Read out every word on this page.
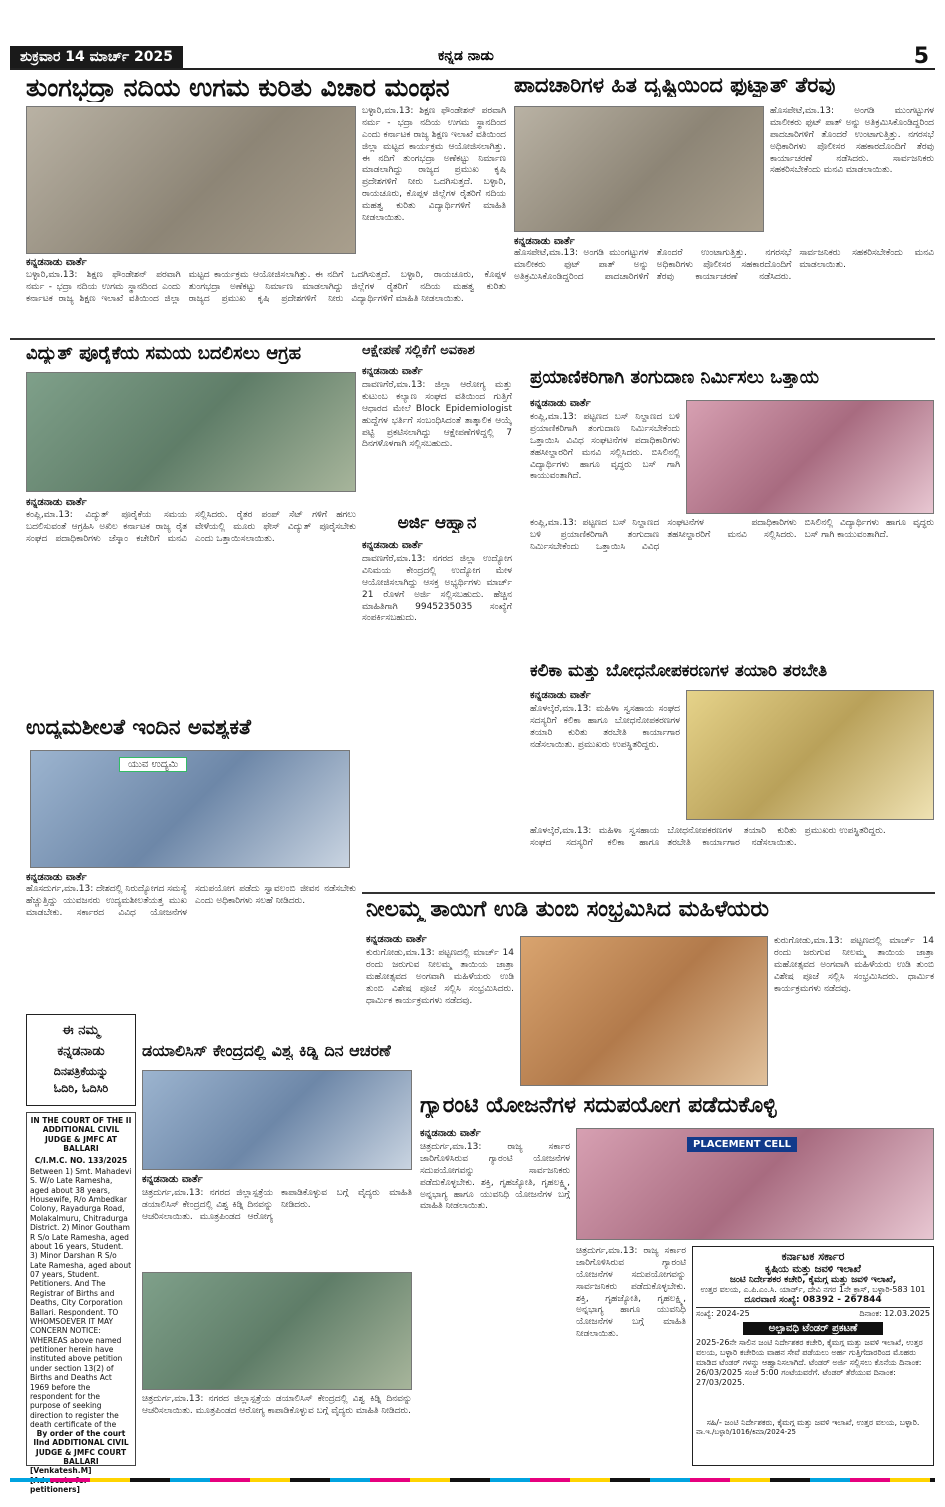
ಶುಕ್ರವಾರ 14 ಮಾರ್ಚ್ 2025	ಕನ್ನಡ ನಾಡು	5
ತುಂಗಭದ್ರಾ ನದಿಯ ಉಗಮ ಕುರಿತು ವಿಚಾರ ಮಂಥನ
ಕನ್ನಡನಾಡು ವಾರ್ತೆ
ಬಳ್ಳಾರಿ,ಮಾ.13: ಶಿಕ್ಷಣ ಫೌಂಡೇಶನ್ ಪರವಾಗಿ ನರ್ಮ - ಭದ್ರಾ ನದಿಯ ಉಗಮ ಸ್ಥಾನದಿಂದ ಎಂದು ಕರ್ನಾಟಕ ರಾಜ್ಯ ಶಿಕ್ಷಣ ಇಲಾಖೆ ವತಿಯಿಂದ ಜಿಲ್ಲಾ ಮಟ್ಟದ ಕಾರ್ಯಕ್ರಮ ಆಯೋಜಿಸಲಾಗಿತ್ತು. ಈ ನದಿಗೆ ತುಂಗಭದ್ರಾ ಅಣೆಕಟ್ಟು ನಿರ್ಮಾಣ ಮಾಡಲಾಗಿದ್ದು ರಾಜ್ಯದ ಪ್ರಮುಖ ಕೃಷಿ ಪ್ರದೇಶಗಳಿಗೆ ನೀರು ಒದಗಿಸುತ್ತದೆ. ಬಳ್ಳಾರಿ, ರಾಯಚೂರು, ಕೊಪ್ಪಳ ಜಿಲ್ಲೆಗಳ ರೈತರಿಗೆ ನದಿಯ ಮಹತ್ವ ಕುರಿತು ವಿದ್ಯಾರ್ಥಿಗಳಿಗೆ ಮಾಹಿತಿ ನೀಡಲಾಯಿತು.
ಬಳ್ಳಾರಿ,ಮಾ.13: ಶಿಕ್ಷಣ ಫೌಂಡೇಶನ್ ಪರವಾಗಿ ನರ್ಮ - ಭದ್ರಾ ನದಿಯ ಉಗಮ ಸ್ಥಾನದಿಂದ ಎಂದು ಕರ್ನಾಟಕ ರಾಜ್ಯ ಶಿಕ್ಷಣ ಇಲಾಖೆ ವತಿಯಿಂದ ಜಿಲ್ಲಾ ಮಟ್ಟದ ಕಾರ್ಯಕ್ರಮ ಆಯೋಜಿಸಲಾಗಿತ್ತು. ಈ ನದಿಗೆ ತುಂಗಭದ್ರಾ ಅಣೆಕಟ್ಟು ನಿರ್ಮಾಣ ಮಾಡಲಾಗಿದ್ದು ರಾಜ್ಯದ ಪ್ರಮುಖ ಕೃಷಿ ಪ್ರದೇಶಗಳಿಗೆ ನೀರು ಒದಗಿಸುತ್ತದೆ. ಬಳ್ಳಾರಿ, ರಾಯಚೂರು, ಕೊಪ್ಪಳ ಜಿಲ್ಲೆಗಳ ರೈತರಿಗೆ ನದಿಯ ಮಹತ್ವ ಕುರಿತು ವಿದ್ಯಾರ್ಥಿಗಳಿಗೆ ಮಾಹಿತಿ ನೀಡಲಾಯಿತು.
ಪಾದಚಾರಿಗಳ ಹಿತ ದೃಷ್ಟಿಯಿಂದ ಫುಟ್ಪಾತ್ ತೆರವು
ಹೊಸಪೇಟೆ,ಮಾ.13: ಅಂಗಡಿ ಮುಂಗಟ್ಟುಗಳ ಮಾಲೀಕರು ಫುಟ್ ಪಾತ್ ಅನ್ನು ಅತಿಕ್ರಮಿಸಿಕೊಂಡಿದ್ದರಿಂದ ಪಾದಚಾರಿಗಳಿಗೆ ತೊಂದರೆ ಉಂಟಾಗುತ್ತಿತ್ತು. ನಗರಸಭೆ ಅಧಿಕಾರಿಗಳು ಪೊಲೀಸರ ಸಹಕಾರದೊಂದಿಗೆ ತೆರವು ಕಾರ್ಯಾಚರಣೆ ನಡೆಸಿದರು. ಸಾರ್ವಜನಿಕರು ಸಹಕರಿಸಬೇಕೆಂದು ಮನವಿ ಮಾಡಲಾಯಿತು.
ಕನ್ನಡನಾಡು ವಾರ್ತೆ
ಹೊಸಪೇಟೆ,ಮಾ.13: ಅಂಗಡಿ ಮುಂಗಟ್ಟುಗಳ ಮಾಲೀಕರು ಫುಟ್ ಪಾತ್ ಅನ್ನು ಅತಿಕ್ರಮಿಸಿಕೊಂಡಿದ್ದರಿಂದ ಪಾದಚಾರಿಗಳಿಗೆ ತೊಂದರೆ ಉಂಟಾಗುತ್ತಿತ್ತು. ನಗರಸಭೆ ಅಧಿಕಾರಿಗಳು ಪೊಲೀಸರ ಸಹಕಾರದೊಂದಿಗೆ ತೆರವು ಕಾರ್ಯಾಚರಣೆ ನಡೆಸಿದರು. ಸಾರ್ವಜನಿಕರು ಸಹಕರಿಸಬೇಕೆಂದು ಮನವಿ ಮಾಡಲಾಯಿತು.
ವಿದ್ಯುತ್ ಪೂರೈಕೆಯ ಸಮಯ ಬದಲಿಸಲು ಆಗ್ರಹ
ಕನ್ನಡನಾಡು ವಾರ್ತೆ
ಕಂಪ್ಲಿ,ಮಾ.13: ವಿದ್ಯುತ್ ಪೂರೈಕೆಯ ಸಮಯ ಬದಲಿಸುವಂತೆ ಆಗ್ರಹಿಸಿ ಅಖಿಲ ಕರ್ನಾಟಕ ರಾಜ್ಯ ರೈತ ಸಂಘದ ಪದಾಧಿಕಾರಿಗಳು ಜೆಸ್ಕಾಂ ಕಚೇರಿಗೆ ಮನವಿ ಸಲ್ಲಿಸಿದರು. ರೈತರ ಪಂಪ್ ಸೆಟ್ ಗಳಿಗೆ ಹಗಲು ವೇಳೆಯಲ್ಲಿ ಮೂರು ಫೇಸ್ ವಿದ್ಯುತ್ ಪೂರೈಸಬೇಕು ಎಂದು ಒತ್ತಾಯಿಸಲಾಯಿತು.
ಆಕ್ಷೇಪಣೆ ಸಲ್ಲಿಕೆಗೆ ಅವಕಾಶ
ಕನ್ನಡನಾಡು ವಾರ್ತೆ
ದಾವಣಗೆರೆ,ಮಾ.13: ಜಿಲ್ಲಾ ಆರೋಗ್ಯ ಮತ್ತು ಕುಟುಂಬ ಕಲ್ಯಾಣ ಸಂಘದ ವತಿಯಿಂದ ಗುತ್ತಿಗೆ ಆಧಾರದ ಮೇಲೆ Block Epidemiologist ಹುದ್ದೆಗಳ ಭರ್ತಿಗೆ ಸಂಬಂಧಿಸಿದಂತೆ ತಾತ್ಕಾಲಿಕ ಆಯ್ಕೆ ಪಟ್ಟಿ ಪ್ರಕಟಿಸಲಾಗಿದ್ದು ಆಕ್ಷೇಪಣೆಗಳಿದ್ದಲ್ಲಿ 7 ದಿನಗಳೊಳಗಾಗಿ ಸಲ್ಲಿಸಬಹುದು.
ಅರ್ಜಿ ಆಹ್ವಾನ
ಕನ್ನಡನಾಡು ವಾರ್ತೆ
ದಾವಣಗೆರೆ,ಮಾ.13: ನಗರದ ಜಿಲ್ಲಾ ಉದ್ಯೋಗ ವಿನಿಮಯ ಕೇಂದ್ರದಲ್ಲಿ ಉದ್ಯೋಗ ಮೇಳ ಆಯೋಜಿಸಲಾಗಿದ್ದು ಆಸಕ್ತ ಅಭ್ಯರ್ಥಿಗಳು ಮಾರ್ಚ್ 21 ರೊಳಗೆ ಅರ್ಜಿ ಸಲ್ಲಿಸಬಹುದು. ಹೆಚ್ಚಿನ ಮಾಹಿತಿಗಾಗಿ 9945235035 ಸಂಖ್ಯೆಗೆ ಸಂಪರ್ಕಿಸಬಹುದು.
ಪ್ರಯಾಣಿಕರಿಗಾಗಿ ತಂಗುದಾಣ ನಿರ್ಮಿಸಲು ಒತ್ತಾಯ
ಕನ್ನಡನಾಡು ವಾರ್ತೆ
ಕಂಪ್ಲಿ,ಮಾ.13: ಪಟ್ಟಣದ ಬಸ್ ನಿಲ್ದಾಣದ ಬಳಿ ಪ್ರಯಾಣಿಕರಿಗಾಗಿ ತಂಗುದಾಣ ನಿರ್ಮಿಸಬೇಕೆಂದು ಒತ್ತಾಯಿಸಿ ವಿವಿಧ ಸಂಘಟನೆಗಳ ಪದಾಧಿಕಾರಿಗಳು ತಹಸೀಲ್ದಾರರಿಗೆ ಮನವಿ ಸಲ್ಲಿಸಿದರು. ಬಿಸಿಲಿನಲ್ಲಿ ವಿದ್ಯಾರ್ಥಿಗಳು ಹಾಗೂ ವೃದ್ಧರು ಬಸ್ ಗಾಗಿ ಕಾಯುವಂತಾಗಿದೆ.
ಕಂಪ್ಲಿ,ಮಾ.13: ಪಟ್ಟಣದ ಬಸ್ ನಿಲ್ದಾಣದ ಬಳಿ ಪ್ರಯಾಣಿಕರಿಗಾಗಿ ತಂಗುದಾಣ ನಿರ್ಮಿಸಬೇಕೆಂದು ಒತ್ತಾಯಿಸಿ ವಿವಿಧ ಸಂಘಟನೆಗಳ ಪದಾಧಿಕಾರಿಗಳು ತಹಸೀಲ್ದಾರರಿಗೆ ಮನವಿ ಸಲ್ಲಿಸಿದರು. ಬಿಸಿಲಿನಲ್ಲಿ ವಿದ್ಯಾರ್ಥಿಗಳು ಹಾಗೂ ವೃದ್ಧರು ಬಸ್ ಗಾಗಿ ಕಾಯುವಂತಾಗಿದೆ.
ಕಲಿಕಾ ಮತ್ತು ಬೋಧನೋಪಕರಣಗಳ ತಯಾರಿ ತರಬೇತಿ
ಕನ್ನಡನಾಡು ವಾರ್ತೆ
ಹೊಳಲ್ಕೆರೆ,ಮಾ.13: ಮಹಿಳಾ ಸ್ವಸಹಾಯ ಸಂಘದ ಸದಸ್ಯರಿಗೆ ಕಲಿಕಾ ಹಾಗೂ ಬೋಧನೋಪಕರಣಗಳ ತಯಾರಿ ಕುರಿತು ತರಬೇತಿ ಕಾರ್ಯಾಗಾರ ನಡೆಸಲಾಯಿತು. ಪ್ರಮುಖರು ಉಪಸ್ಥಿತರಿದ್ದರು.
ಹೊಳಲ್ಕೆರೆ,ಮಾ.13: ಮಹಿಳಾ ಸ್ವಸಹಾಯ ಸಂಘದ ಸದಸ್ಯರಿಗೆ ಕಲಿಕಾ ಹಾಗೂ ಬೋಧನೋಪಕರಣಗಳ ತಯಾರಿ ಕುರಿತು ತರಬೇತಿ ಕಾರ್ಯಾಗಾರ ನಡೆಸಲಾಯಿತು. ಪ್ರಮುಖರು ಉಪಸ್ಥಿತರಿದ್ದರು.
ಉದ್ಯಮಶೀಲತೆ ಇಂದಿನ ಅವಶ್ಯಕತೆ
ಯುವ ಉದ್ಯಮಿ
ಕನ್ನಡನಾಡು ವಾರ್ತೆ
ಹೊಸದುರ್ಗ,ಮಾ.13: ದೇಶದಲ್ಲಿ ನಿರುದ್ಯೋಗದ ಸಮಸ್ಯೆ ಹೆಚ್ಚುತ್ತಿದ್ದು ಯುವಜನರು ಉದ್ಯಮಶೀಲತೆಯತ್ತ ಮುಖ ಮಾಡಬೇಕು. ಸರ್ಕಾರದ ವಿವಿಧ ಯೋಜನೆಗಳ ಸದುಪಯೋಗ ಪಡೆದು ಸ್ವಾವಲಂಬಿ ಜೀವನ ನಡೆಸಬೇಕು ಎಂದು ಅಧಿಕಾರಿಗಳು ಸಲಹೆ ನೀಡಿದರು.	ನೀಲಮ್ಮ ತಾಯಿಗೆ ಉಡಿ ತುಂಬಿ ಸಂಭ್ರಮಿಸಿದ ಮಹಿಳೆಯರು
ಕನ್ನಡನಾಡು ವಾರ್ತೆ
ಕುರುಗೋಡು,ಮಾ.13: ಪಟ್ಟಣದಲ್ಲಿ ಮಾರ್ಚ್ 14 ರಂದು ಜರುಗುವ ನೀಲಮ್ಮ ತಾಯಿಯ ಜಾತ್ರಾ ಮಹೋತ್ಸವದ ಅಂಗವಾಗಿ ಮಹಿಳೆಯರು ಉಡಿ ತುಂಬಿ ವಿಶೇಷ ಪೂಜೆ ಸಲ್ಲಿಸಿ ಸಂಭ್ರಮಿಸಿದರು. ಧಾರ್ಮಿಕ ಕಾರ್ಯಕ್ರಮಗಳು ನಡೆದವು.
ಕುರುಗೋಡು,ಮಾ.13: ಪಟ್ಟಣದಲ್ಲಿ ಮಾರ್ಚ್ 14 ರಂದು ಜರುಗುವ ನೀಲಮ್ಮ ತಾಯಿಯ ಜಾತ್ರಾ ಮಹೋತ್ಸವದ ಅಂಗವಾಗಿ ಮಹಿಳೆಯರು ಉಡಿ ತುಂಬಿ ವಿಶೇಷ ಪೂಜೆ ಸಲ್ಲಿಸಿ ಸಂಭ್ರಮಿಸಿದರು. ಧಾರ್ಮಿಕ ಕಾರ್ಯಕ್ರಮಗಳು ನಡೆದವು.
ಈ ನಮ್ಮ
ಕನ್ನಡನಾಡು
ದಿನಪತ್ರಿಕೆಯನ್ನು
ಓದಿರಿ, ಓದಿಸಿರಿ
ಡಯಾಲಿಸಿಸ್ ಕೇಂದ್ರದಲ್ಲಿ ವಿಶ್ವ ಕಿಡ್ನಿ ದಿನ ಆಚರಣೆ
ಕನ್ನಡನಾಡು ವಾರ್ತೆ
ಚಿತ್ರದುರ್ಗ,ಮಾ.13: ನಗರದ ಜಿಲ್ಲಾಸ್ಪತ್ರೆಯ ಡಯಾಲಿಸಿಸ್ ಕೇಂದ್ರದಲ್ಲಿ ವಿಶ್ವ ಕಿಡ್ನಿ ದಿನವನ್ನು ಆಚರಿಸಲಾಯಿತು. ಮೂತ್ರಪಿಂಡದ ಆರೋಗ್ಯ ಕಾಪಾಡಿಕೊಳ್ಳುವ ಬಗ್ಗೆ ವೈದ್ಯರು ಮಾಹಿತಿ ನೀಡಿದರು.
ಚಿತ್ರದುರ್ಗ,ಮಾ.13: ನಗರದ ಜಿಲ್ಲಾಸ್ಪತ್ರೆಯ ಡಯಾಲಿಸಿಸ್ ಕೇಂದ್ರದಲ್ಲಿ ವಿಶ್ವ ಕಿಡ್ನಿ ದಿನವನ್ನು ಆಚರಿಸಲಾಯಿತು. ಮೂತ್ರಪಿಂಡದ ಆರೋಗ್ಯ ಕಾಪಾಡಿಕೊಳ್ಳುವ ಬಗ್ಗೆ ವೈದ್ಯರು ಮಾಹಿತಿ ನೀಡಿದರು.
IN THE COURT OF THE II ADDITIONAL CIVIL JUDGE & JMFC AT BALLARI
C/I.M.C. NO. 133/2025
Between 1) Smt. Mahadevi S. W/o Late Ramesha, aged about 38 years, Housewife, R/o Ambedkar Colony, Rayadurga Road, Molakalmuru, Chitradurga District. 2) Minor Goutham R S/o Late Ramesha, aged about 16 years, Student. 3) Minor Darshan R S/o Late Ramesha, aged about 07 years, Student. Petitioners. And The Registrar of Births and Deaths, City Corporation Ballari. Respondent. TO WHOMSOEVER IT MAY CONCERN NOTICE: WHEREAS above named petitioner herein have instituted above petition under section 13(2) of Births and Deaths Act 1969 before the respondent for the purpose of seeking direction to register the death certificate of the
By order of the court IInd ADDITIONAL CIVIL JUDGE & JMFC COURT BALLARI
[Venkatesh.M] petitioners]
ಗ್ಯಾರಂಟಿ ಯೋಜನೆಗಳ ಸದುಪಯೋಗ ಪಡೆದುಕೊಳ್ಳಿ
ಕನ್ನಡನಾಡು ವಾರ್ತೆ
ಚಿತ್ರದುರ್ಗ,ಮಾ.13: ರಾಜ್ಯ ಸರ್ಕಾರ ಜಾರಿಗೊಳಿಸಿರುವ ಗ್ಯಾರಂಟಿ ಯೋಜನೆಗಳ ಸದುಪಯೋಗವನ್ನು ಸಾರ್ವಜನಿಕರು ಪಡೆದುಕೊಳ್ಳಬೇಕು. ಶಕ್ತಿ, ಗೃಹಜ್ಯೋತಿ, ಗೃಹಲಕ್ಷ್ಮಿ, ಅನ್ನಭಾಗ್ಯ ಹಾಗೂ ಯುವನಿಧಿ ಯೋಜನೆಗಳ ಬಗ್ಗೆ ಮಾಹಿತಿ ನೀಡಲಾಯಿತು.
PLACEMENT CELL
ಚಿತ್ರದುರ್ಗ,ಮಾ.13: ರಾಜ್ಯ ಸರ್ಕಾರ ಜಾರಿಗೊಳಿಸಿರುವ ಗ್ಯಾರಂಟಿ ಯೋಜನೆಗಳ ಸದುಪಯೋಗವನ್ನು ಸಾರ್ವಜನಿಕರು ಪಡೆದುಕೊಳ್ಳಬೇಕು. ಶಕ್ತಿ, ಗೃಹಜ್ಯೋತಿ, ಗೃಹಲಕ್ಷ್ಮಿ, ಅನ್ನಭಾಗ್ಯ ಹಾಗೂ ಯುವನಿಧಿ ಯೋಜನೆಗಳ ಬಗ್ಗೆ ಮಾಹಿತಿ ನೀಡಲಾಯಿತು.
ಕರ್ನಾಟಕ ಸರ್ಕಾರ
ಕೃಷಿಯ ಮತ್ತು ಜವಳಿ ಇಲಾಖೆ
ಜಂಟಿ ನಿರ್ದೇಶಕರ ಕಚೇರಿ, ಕೈಮಗ್ಗ ಮತ್ತು ಜವಳಿ ಇಲಾಖೆ,
ಉತ್ತರ ವಲಯ, ಎ.ಪಿ.ಎಂ.ಸಿ. ಯಾರ್ಡ್, ದೇವಿ ನಗರ 1ನೇ ಕ್ರಾಸ್, ಬಳ್ಳಾರಿ-583 101
ದೂರವಾಣಿ ಸಂಖ್ಯೆ: 08392 - 267844
ಸಂಖ್ಯೆ: 2024-25	ದಿನಾಂಕ: 12.03.2025
ಅಲ್ಪಾವಧಿ ಟೆಂಡರ್ ಪ್ರಕಟಣೆ
2025-26ನೇ ಸಾಲಿನ ಜಂಟಿ ನಿರ್ದೇಶಕರ ಕಚೇರಿ, ಕೈಮಗ್ಗ ಮತ್ತು ಜವಳಿ ಇಲಾಖೆ, ಉತ್ತರ ವಲಯ, ಬಳ್ಳಾರಿ ಕಚೇರಿಯ ವಾಹನ ಸೇವೆ ಪಡೆಯಲು ಅರ್ಹ ಗುತ್ತಿಗೆದಾರರಿಂದ ಮೊಹರು ಮಾಡಿದ ಟೆಂಡರ್ ಗಳನ್ನು ಆಹ್ವಾನಿಸಲಾಗಿದೆ. ಟೆಂಡರ್ ಅರ್ಜಿ ಸಲ್ಲಿಸಲು ಕೊನೆಯ ದಿನಾಂಕ: 26/03/2025 ಸಂಜೆ 5:00 ಗಂಟೆಯವರೆಗೆ. ಟೆಂಡರ್ ತೆರೆಯುವ ದಿನಾಂಕ: 27/03/2025.
ಸಹಿ/- ಜಂಟಿ ನಿರ್ದೇಶಕರು, ಕೈಮಗ್ಗ ಮತ್ತು ಜವಳಿ ಇಲಾಖೆ, ಉತ್ತರ ವಲಯ, ಬಳ್ಳಾರಿ.
ವಾ.ಇ./ಬಳ್ಳಾರಿ/1016/ಕಿಮಾ/2024-25
